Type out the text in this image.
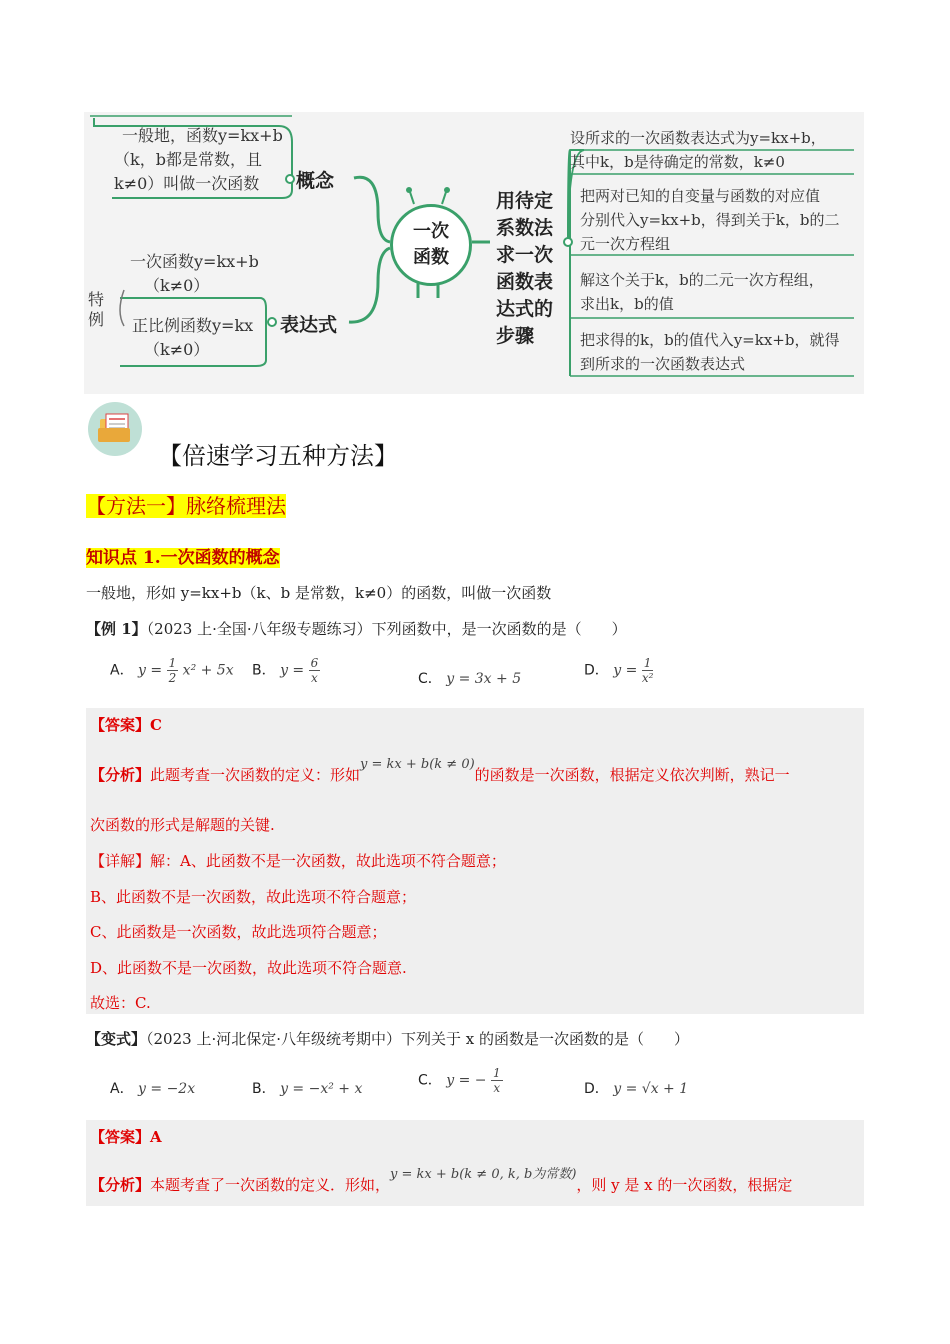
一般地，函数y=kx+b
（k，b都是常数，且
k≠0）叫做一次函数 概念
一次函数y=kx+b
（k≠0）
特
例 正比例函数y=kx
（k≠0）
表达式
一次
函数
用待定
系数法
求一次
函数表
达式的
步骤
设所求的一次函数表达式为y=kx+b，
其中k，b是待确定的常数，k≠0
把两对已知的自变量与函数的对应值
分别代入y=kx+b，得到关于k，b的二
元一次方程组
解这个关于k，b的二元一次方程组，
求出k，b的值
把求得的k，b的值代入y=kx+b，就得
到所求的一次函数表达式
【倍速学习五种方法】
【方法一】脉络梳理法
知识点 1.一次函数的概念
一般地，形如 y=kx+b（k、b 是常数，k≠0）的函数，叫做一次函数
【例 1】（2023 上·全国·八年级专题练习）下列函数中，是一次函数的是（　　）
A． $y = \frac{1}{2} x^2 + 5x$ B． $y = \frac{6}{x}$	C． y = 3x + 5
D． $y = \frac{1}{\text{x²}}$
【答案】C
【分析】此题考查一次函数的定义：形如y = kx + b(k ≠ 0)的函数是一次函数，根据定义依次判断，熟记一
次函数的形式是解题的关键.
【详解】解：A、此函数不是一次函数，故此选项不符合题意；
B、此函数不是一次函数，故此选项不符合题意；
C、此函数是一次函数，故此选项符合题意；
D、此函数不是一次函数，故此选项不符合题意.
故选：C.
【变式】（2023 上·河北保定·八年级统考期中）下列关于 x 的函数是一次函数的是（　　）
A． y = −2x	B． y = −x² + x
C． y = − $\frac{1}{x}$	D． y = √x + 1
【答案】A
【分析】本题考查了一次函数的定义．形如，y = kx + b(k ≠ 0, k, b为常数)，则 y 是 x 的一次函数，根据定
